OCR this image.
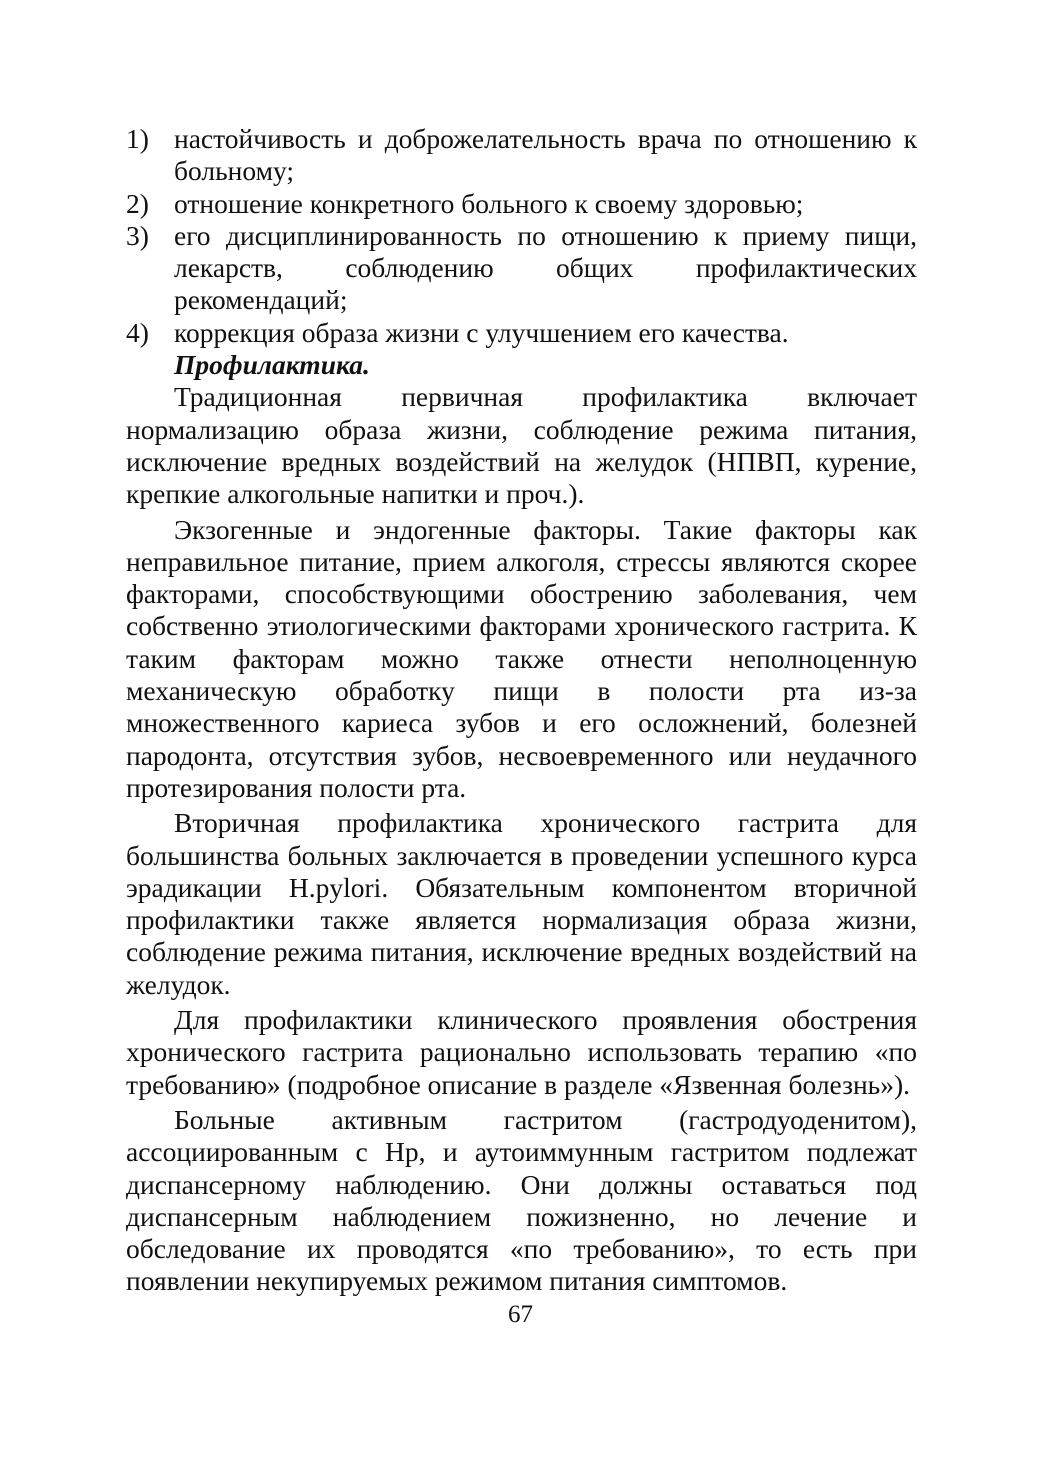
1) настойчивость и доброжелательность врача по отношению к больному;
2) отношение конкретного больного к своему здоровью;
3) его дисциплинированность по отношению к приему пищи, лекарств, соблюдению общих профилактических рекомендаций;
4) коррекция образа жизни с улучшением его качества.
Профилактика.

Традиционная первичная профилактика включает нормализацию образа жизни, соблюдение режима питания, исключение вредных воздействий на желудок (НПВП, курение, крепкие алкогольные напитки и проч.).

Экзогенные и эндогенные факторы. Такие факторы как неправильное питание, прием алкоголя, стрессы являются скорее факторами, способствующими обострению заболевания, чем собственно этиологическими факторами хронического гастрита. К таким факторам можно также отнести неполноценную механическую обработку пищи в полости рта из-за множественного кариеса зубов и его осложнений, болезней пародонта, отсутствия зубов, несвоевременного или неудачного протезирования полости рта.

Вторичная профилактика хронического гастрита для большинства больных заключается в проведении успешного курса эрадикации H.pylori. Обязательным компонентом вторичной профилактики также является нормализация образа жизни, соблюдение режима питания, исключение вредных воздействий на желудок.

Для профилактики клинического проявления обострения хронического гастрита рационально использовать терапию «по требованию» (подробное описание в разделе «Язвенная болезнь»).

Больные активным гастритом (гастродуоденитом), ассоциированным с Нр, и аутоиммунным гастритом подлежат диспансерному наблюдению. Они должны оставаться под диспансерным наблюдением пожизненно, но лечение и обследование их проводятся «по требованию», то есть при появлении некупируемых режимом питания симптомов.

67
